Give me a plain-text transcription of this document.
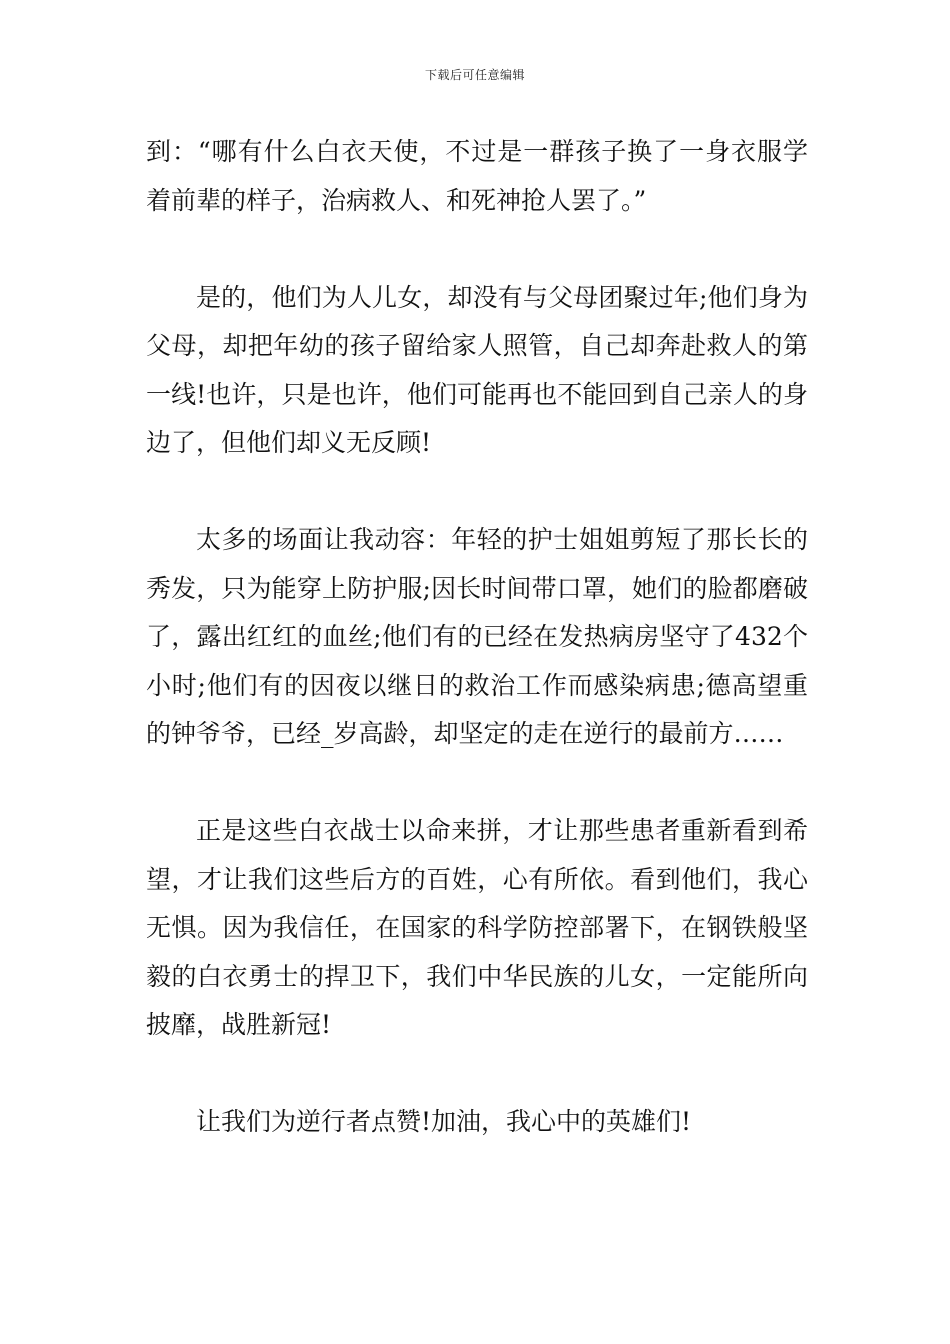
下载后可任意编辑

到：“哪有什么白衣天使，不过是一群孩子换了一身衣服学着前辈的样子，治病救人、和死神抢人罢了。”

是的，他们为人儿女，却没有与父母团聚过年;他们身为父母，却把年幼的孩子留给家人照管，自己却奔赴救人的第一线!也许，只是也许，他们可能再也不能回到自己亲人的身边了，但他们却义无反顾!

太多的场面让我动容：年轻的护士姐姐剪短了那长长的秀发，只为能穿上防护服;因长时间带口罩，她们的脸都磨破了，露出红红的血丝;他们有的已经在发热病房坚守了432个小时;他们有的因夜以继日的救治工作而感染病患;德高望重的钟爷爷，已经_岁高龄，却坚定的走在逆行的最前方……

正是这些白衣战士以命来拼，才让那些患者重新看到希望，才让我们这些后方的百姓，心有所依。看到他们，我心无惧。因为我信任，在国家的科学防控部署下，在钢铁般坚毅的白衣勇士的捍卫下，我们中华民族的儿女，一定能所向披靡，战胜新冠!

让我们为逆行者点赞!加油，我心中的英雄们!
